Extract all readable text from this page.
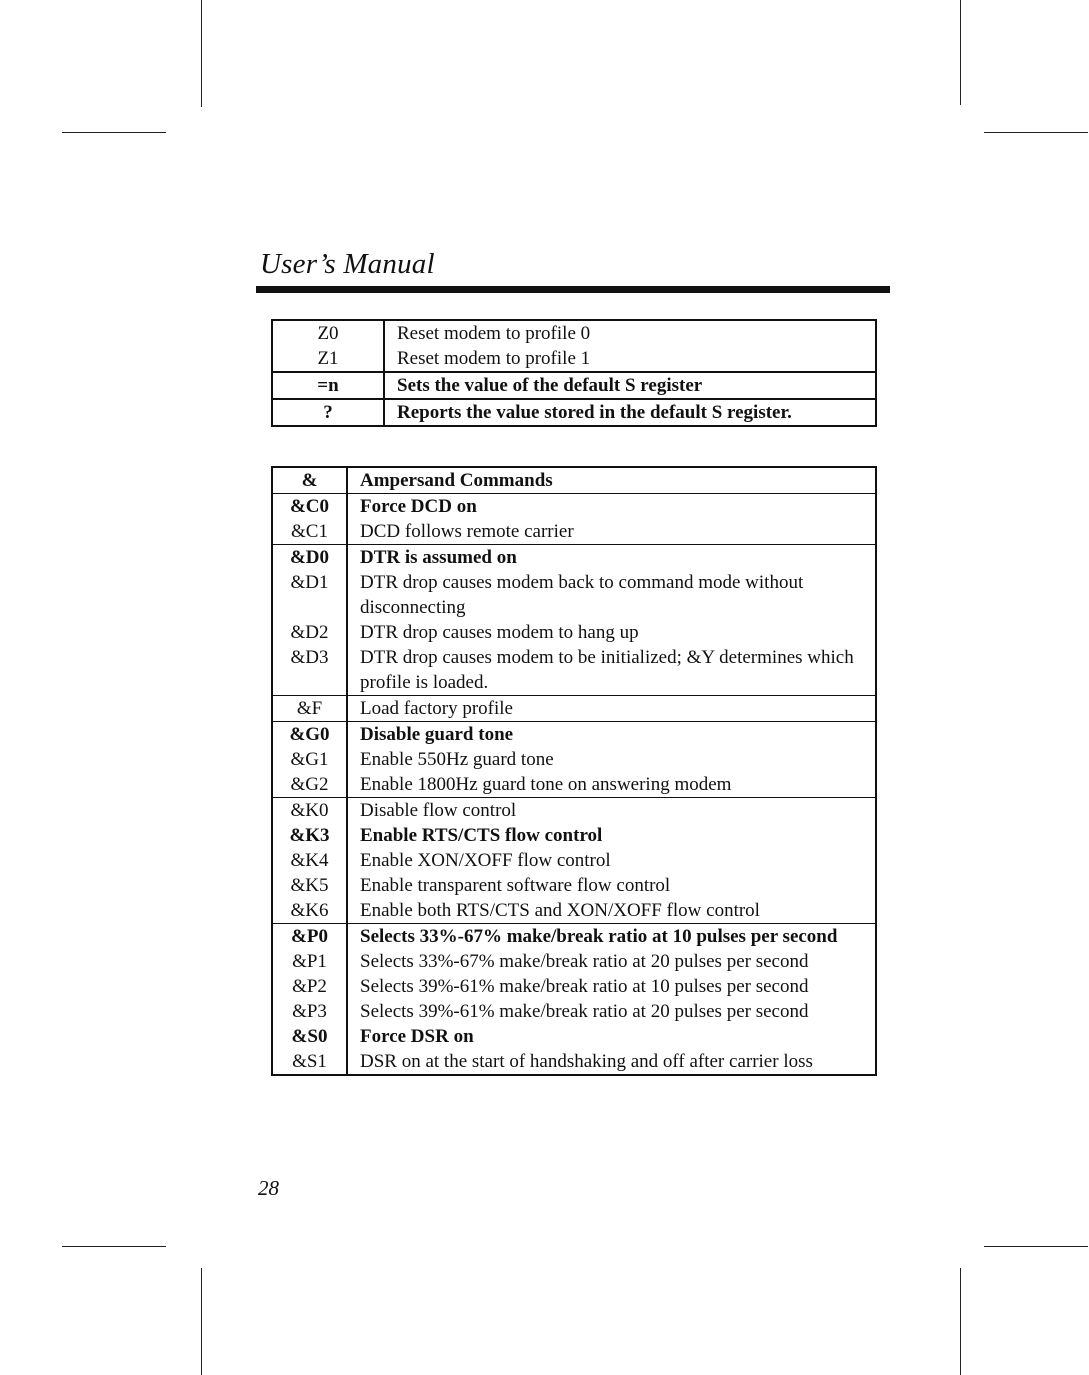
User’s Manual
Z0	Reset modem to profile 0
Z1	Reset modem to profile 1
=n	Sets the value of the default S register
?	Reports the value stored in the default S register.
&	Ampersand Commands
&C0	Force DCD on
&C1	DCD follows remote carrier
&D0	DTR is assumed on
&D1	DTR drop causes modem back to command mode without disconnecting
&D2	DTR drop causes modem to hang up
&D3	DTR drop causes modem to be initialized; &Y determines which profile is loaded.
&F	Load factory profile
&G0	Disable guard tone
&G1	Enable 550Hz guard tone
&G2	Enable 1800Hz guard tone on answering modem
&K0	Disable flow control
&K3	Enable RTS/CTS flow control
&K4	Enable XON/XOFF flow control
&K5	Enable transparent software flow control
&K6	Enable both RTS/CTS and XON/XOFF flow control
&P0	Selects 33%-67% make/break ratio at 10 pulses per second
&P1	Selects 33%-67% make/break ratio at 20 pulses per second
&P2	Selects 39%-61% make/break ratio at 10 pulses per second
&P3	Selects 39%-61% make/break ratio at 20 pulses per second
&S0	Force DSR on
&S1	DSR on at the start of handshaking and off after carrier loss
28
